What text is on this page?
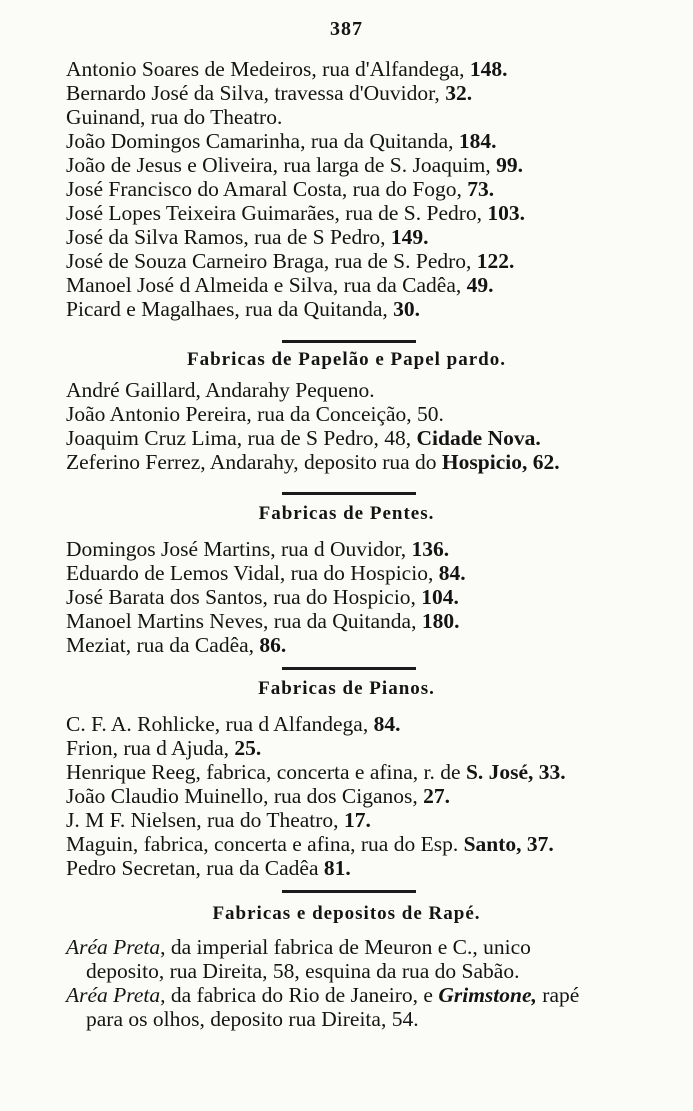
387
Antonio Soares de Medeiros, rua d'Alfandega, 148.
Bernardo José da Silva, travessa d'Ouvidor, 32.
Guinand, rua do Theatro.
João Domingos Camarinha, rua da Quitanda, 184.
João de Jesus e Oliveira, rua larga de S. Joaquim, 99.
José Francisco do Amaral Costa, rua do Fogo, 73.
José Lopes Teixeira Guimarães, rua de S. Pedro, 103.
José da Silva Ramos, rua de S Pedro, 149.
José de Souza Carneiro Braga, rua de S. Pedro, 122.
Manoel José d Almeida e Silva, rua da Cadêa, 49.
Picard e Magalhaes, rua da Quitanda, 30.
Fabricas de Papelão e Papel pardo.
André Gaillard, Andarahy Pequeno.
João Antonio Pereira, rua da Conceição, 50.
Joaquim Cruz Lima, rua de S Pedro, 48, Cidade Nova.
Zeferino Ferrez, Andarahy, deposito rua do Hospicio, 62.
Fabricas de Pentes.
Domingos José Martins, rua d Ouvidor, 136.
Eduardo de Lemos Vidal, rua do Hospicio, 84.
José Barata dos Santos, rua do Hospicio, 104.
Manoel Martins Neves, rua da Quitanda, 180.
Meziat, rua da Cadêa, 86.
Fabricas de Pianos.
C. F. A. Rohlicke, rua d Alfandega, 84.
Frion, rua d Ajuda, 25.
Henrique Reeg, fabrica, concerta e afina, r. de S. José, 33.
João Claudio Muinello, rua dos Ciganos, 27.
J. M F. Nielsen, rua do Theatro, 17.
Maguin, fabrica, concerta e afina, rua do Esp. Santo, 37.
Pedro Secretan, rua da Cadêa 81.
Fabricas e depositos de Rapé.
Aréa Preta, da imperial fabrica de Meuron e C., unico
deposito, rua Direita, 58, esquina da rua do Sabão.
Aréa Preta, da fabrica do Rio de Janeiro, e Grimstone, rapé
para os olhos, deposito rua Direita, 54.
